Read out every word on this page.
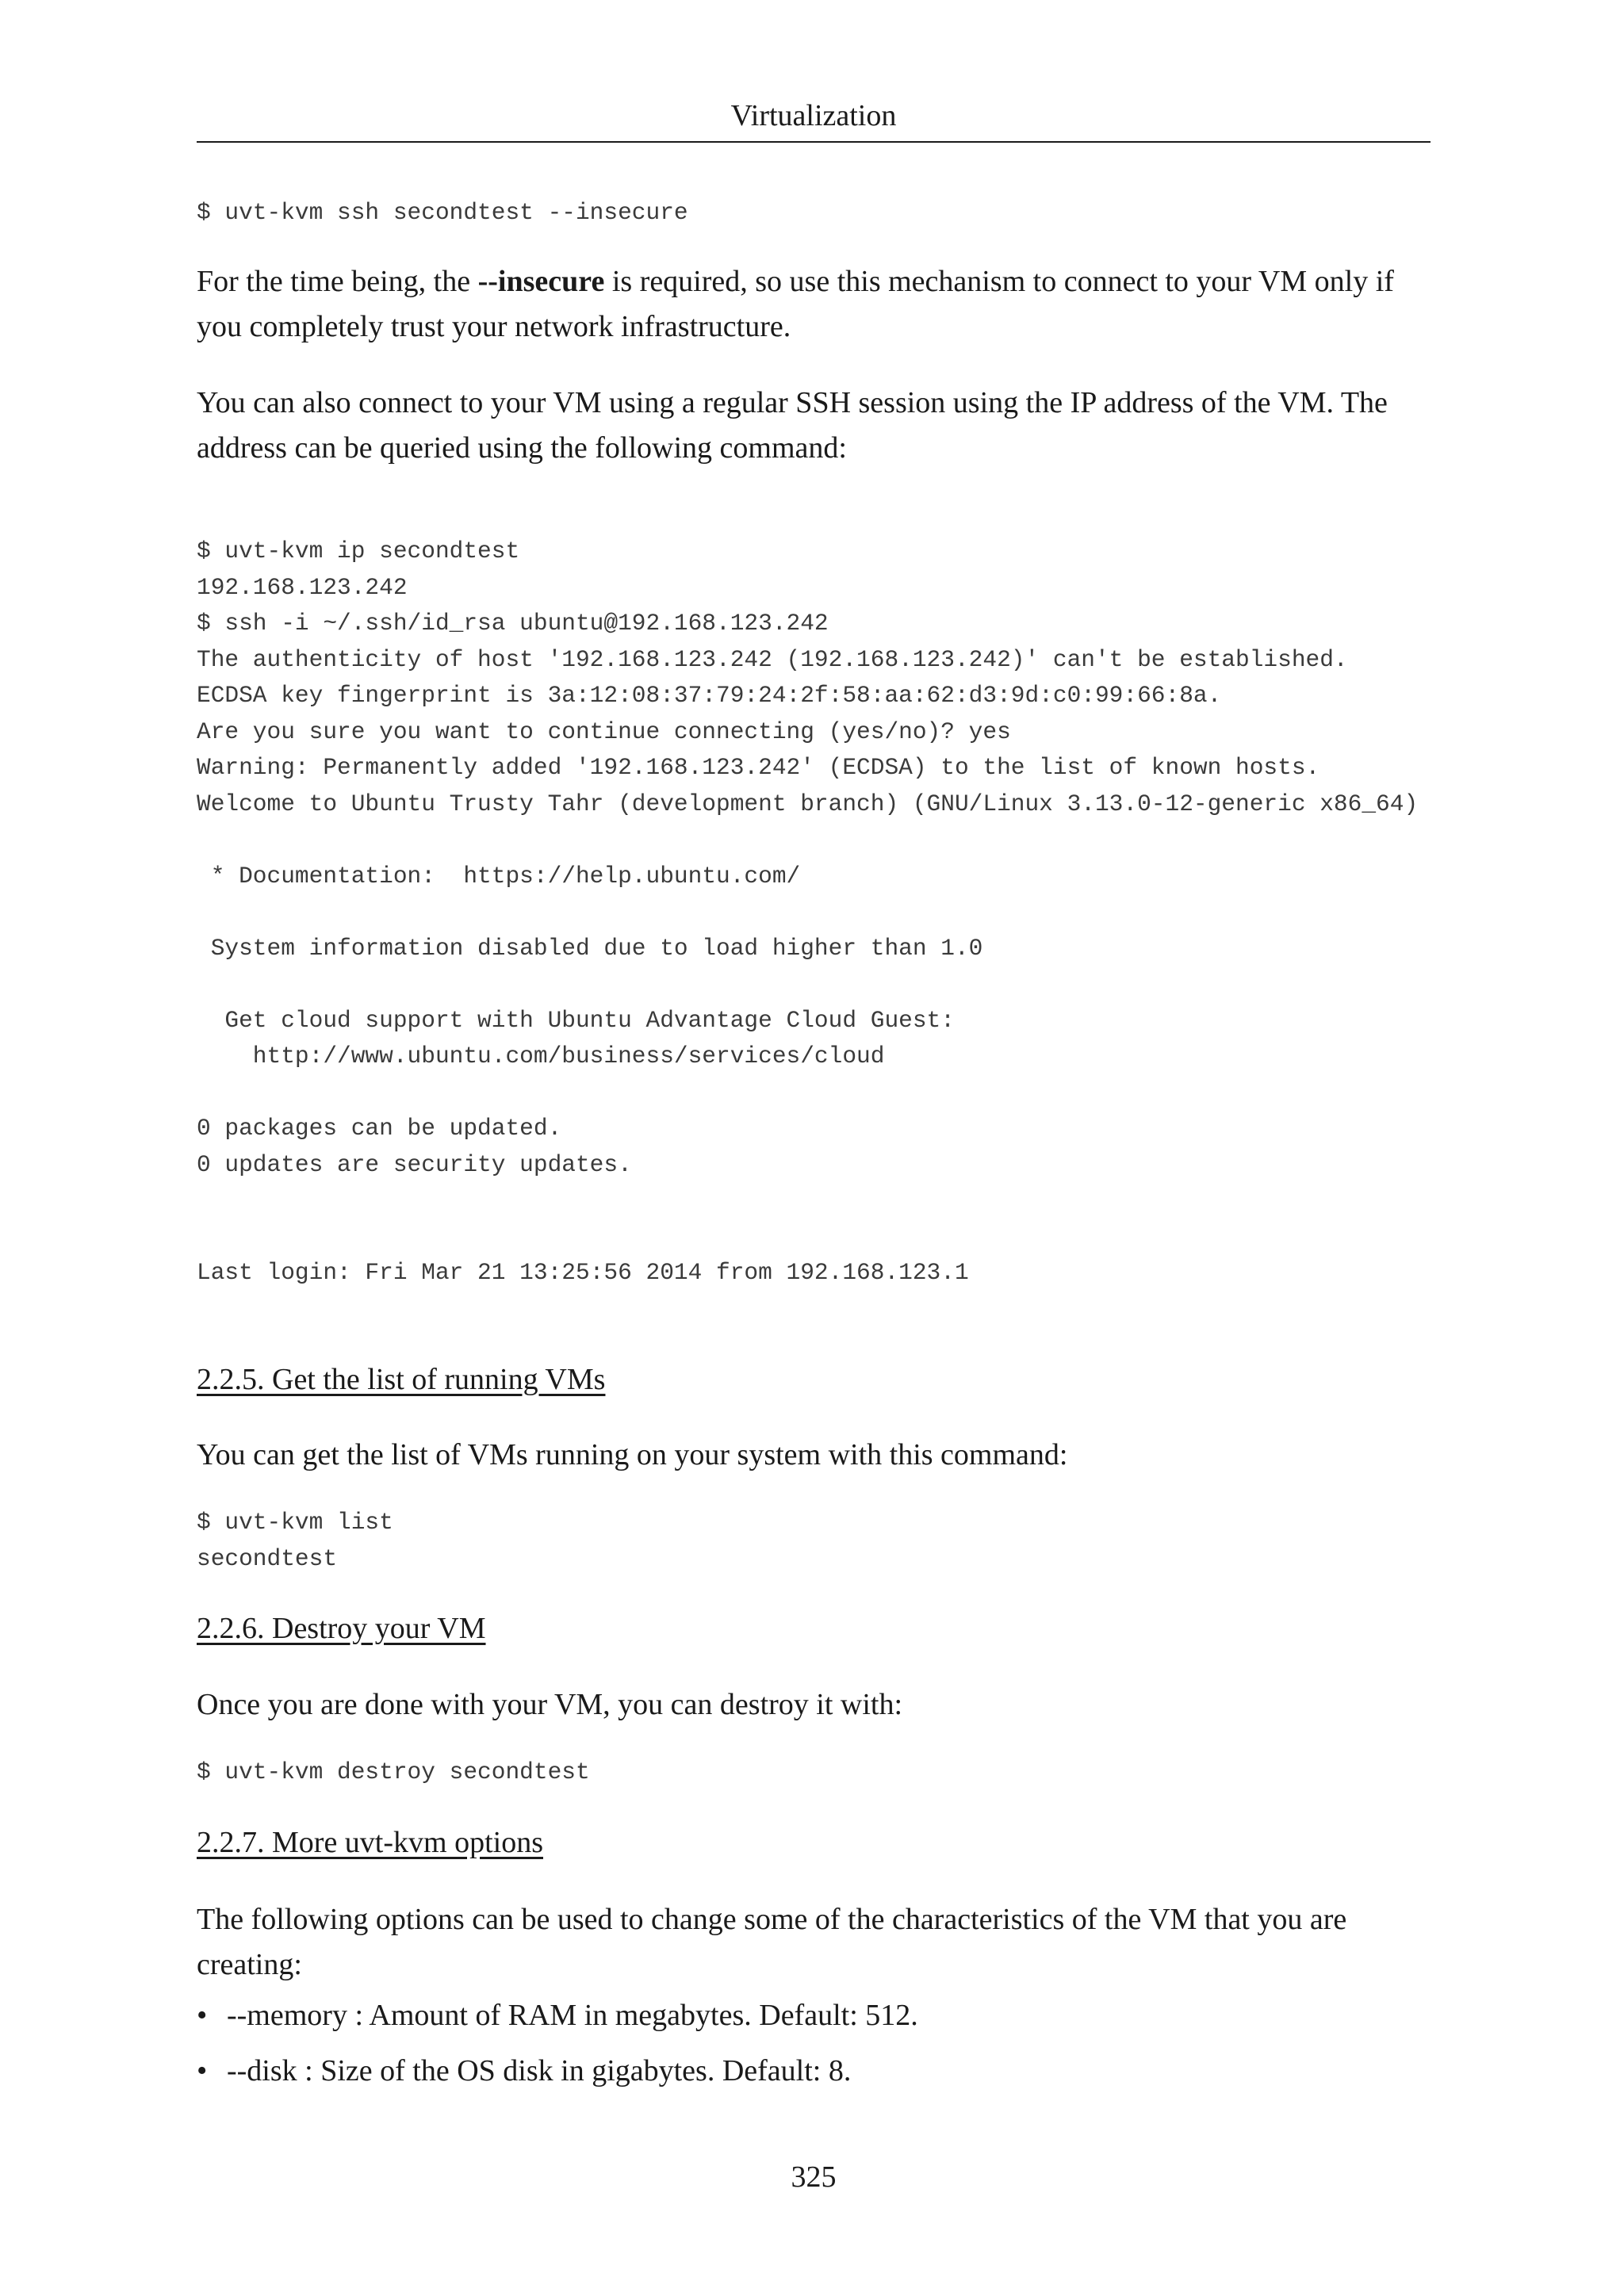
Virtualization
$ uvt-kvm ssh secondtest --insecure

For the time being, the --insecure is required, so use this mechanism to connect to your VM only if you completely trust your network infrastructure.

You can also connect to your VM using a regular SSH session using the IP address of the VM. The address can be queried using the following command:

$ uvt-kvm ip secondtest
192.168.123.242
$ ssh -i ~/.ssh/id_rsa ubuntu@192.168.123.242
The authenticity of host '192.168.123.242 (192.168.123.242)' can't be established.
ECDSA key fingerprint is 3a:12:08:37:79:24:2f:58:aa:62:d3:9d:c0:99:66:8a.
Are you sure you want to continue connecting (yes/no)? yes
Warning: Permanently added '192.168.123.242' (ECDSA) to the list of known hosts.
Welcome to Ubuntu Trusty Tahr (development branch) (GNU/Linux 3.13.0-12-generic x86_64)

* Documentation:  https://help.ubuntu.com/

System information disabled due to load higher than 1.0

Get cloud support with Ubuntu Advantage Cloud Guest:
http://www.ubuntu.com/business/services/cloud

0 packages can be updated.
0 updates are security updates.

Last login: Fri Mar 21 13:25:56 2014 from 192.168.123.1
2.2.5. Get the list of running VMs

You can get the list of VMs running on your system with this command:

$ uvt-kvm list
secondtest
2.2.6. Destroy your VM

Once you are done with your VM, you can destroy it with:

$ uvt-kvm destroy secondtest
2.2.7. More uvt-kvm options

The following options can be used to change some of the characteristics of the VM that you are creating:

• --memory : Amount of RAM in megabytes. Default: 512.
• --disk : Size of the OS disk in gigabytes. Default: 8.
325
